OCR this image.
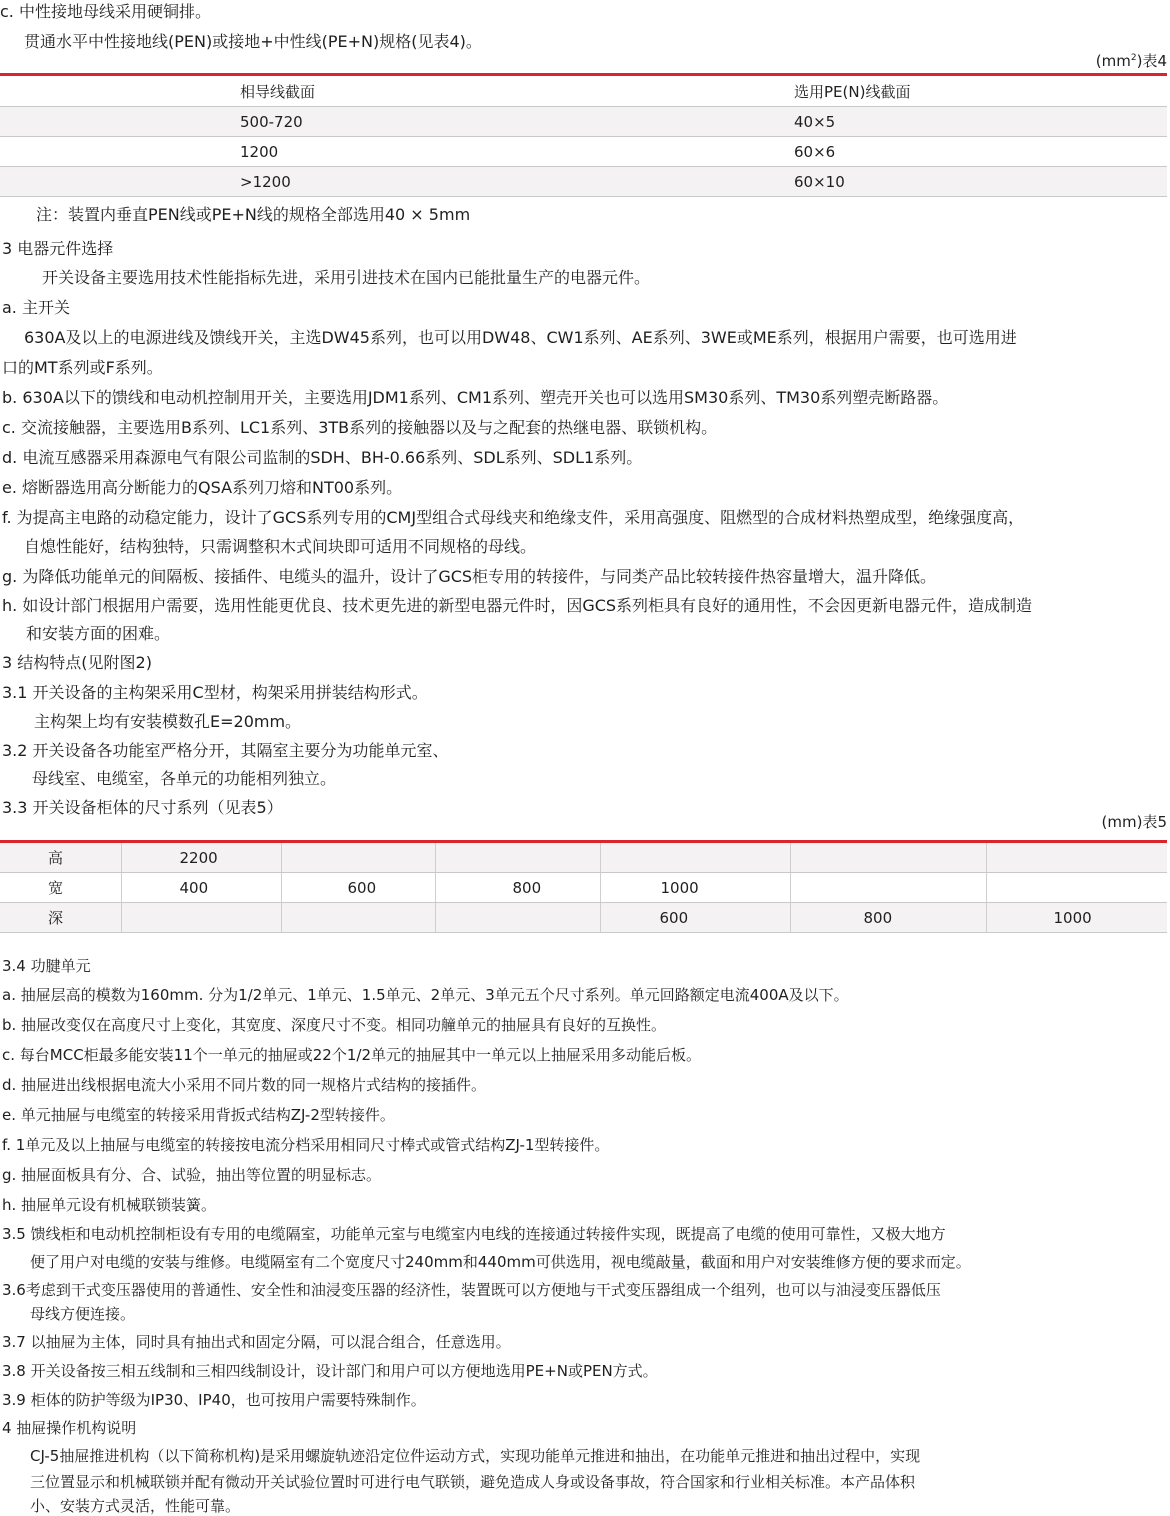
c. 中性接地母线采用硬铜排。
贯通水平中性接地线(PEN)或接地+中性线(PE+N)规格(见表4)。
$(mm^2)$表4
相导线截面	选用PE(N)线截面
500-720	40×5
1200	60×6
>1200	60×10
注：装置内垂直PEN线或PE+N线的规格全部选用40 × 5mm
3 电器元件选择
开关设备主要选用技术性能指标先进，采用引进技术在国内已能批量生产的电器元件。
a. 主开关
630A及以上的电源进线及馈线开关，主选DW45系列，也可以用DW48、CW1系列、AE系列、3WE或ME系列，根据用户需要，也可选用进
口的MT系列或F系列。
b. 630A以下的馈线和电动机控制用开关，主要选用JDM1系列、CM1系列、塑壳开关也可以选用SM30系列、TM30系列塑壳断路器。
c. 交流接触器，主要选用B系列、LC1系列、3TB系列的接触器以及与之配套的热继电器、联锁机构。
d. 电流互感器采用森源电气有限公司监制的SDH、BH-0.66系列、SDL系列、SDL1系列。
e. 熔断器选用高分断能力的QSA系列刀熔和NT00系列。
f. 为提高主电路的动稳定能力，设计了GCS系列专用的CMJ型组合式母线夹和绝缘支件，采用高强度、阻燃型的合成材料热塑成型，绝缘强度高，
自熄性能好，结构独特，只需调整积木式间块即可适用不同规格的母线。
g. 为降低功能单元的间隔板、接插件、电缆头的温升，设计了GCS柜专用的转接件，与同类产品比较转接件热容量增大，温升降低。
h. 如设计部门根据用户需要，选用性能更优良、技术更先进的新型电器元件时，因GCS系列柜具有良好的通用性，不会因更新电器元件，造成制造
和安装方面的困难。
3 结构特点(见附图2)
3.1 开关设备的主构架采用C型材，构架采用拼装结构形式。
主构架上均有安装模数孔E=20mm。
3.2 开关设备各功能室严格分开，其隔室主要分为功能单元室、
母线室、电缆室，各单元的功能相列独立。
3.3 开关设备柜体的尺寸系列（见表5）
(mm)表5
高	2200					
宽	400	600	800	1000		
深				600	800	1000
3.4 功腱单元
a. 抽屉层高的模数为160mm. 分为1/2单元、1单元、1.5单元、2单元、3单元五个尺寸系列。单元回路额定电流400A及以下。
b. 抽屉改变仅在高度尺寸上变化，其宽度、深度尺寸不变。相同功艟单元的抽屉具有良好的互换性。
c. 每台MCC柜最多能安装11个一单元的抽屉或22个1/2单元的抽屉其中一单元以上抽屉采用多动能后板。
d. 抽屉进出线根据电流大小采用不同片数的同一规格片式结构的接插件。
e. 单元抽屉与电缆室的转接采用背扳式结构ZJ-2型转接件。
f. 1单元及以上抽屉与电缆室的转接按电流分档采用相同尺寸棒式或管式结构ZJ-1型转接件。
g. 抽屉面板具有分、合、试验，抽出等位置的明显标志。
h. 抽屉单元设有机械联锁装簧。
3.5 馈线柜和电动机控制柜设有专用的电缆隔室，功能单元室与电缆室内电线的连接通过转接件实现，既提高了电缆的使用可靠性，又极大地方
便了用户对电缆的安装与维修。电缆隔室有二个宽度尺寸240mm和440mm可供选用，视电缆敲量，截面和用户对安装维修方便的要求而定。
3.6考虑到干式变压器使用的普通性、安全性和油浸变压器的经济性，装置既可以方便地与干式变压器组成一个组列，也可以与油浸变压器低压
母线方便连接。
3.7 以抽屉为主体，同时具有抽出式和固定分隔，可以混合组合，任意选用。
3.8 开关设备按三相五线制和三相四线制设计，设计部门和用户可以方便地选用PE+N或PEN方式。
3.9 柜体的防护等级为IP30、IP40，也可按用户需要特殊制作。
4 抽屉操作机构说明
CJ-5抽屉推进机构（以下简称机构)是采用螺旋轨迹沿定位件运动方式，实现功能单元推进和抽出，在功能单元推进和抽出过程中，实现
三位置显示和机械联锁并配有微动开关试验位置时可进行电气联锁，避免造成人身或设备事故，符合国家和行业相关标准。本产品体积
小、安装方式灵活，性能可靠。
